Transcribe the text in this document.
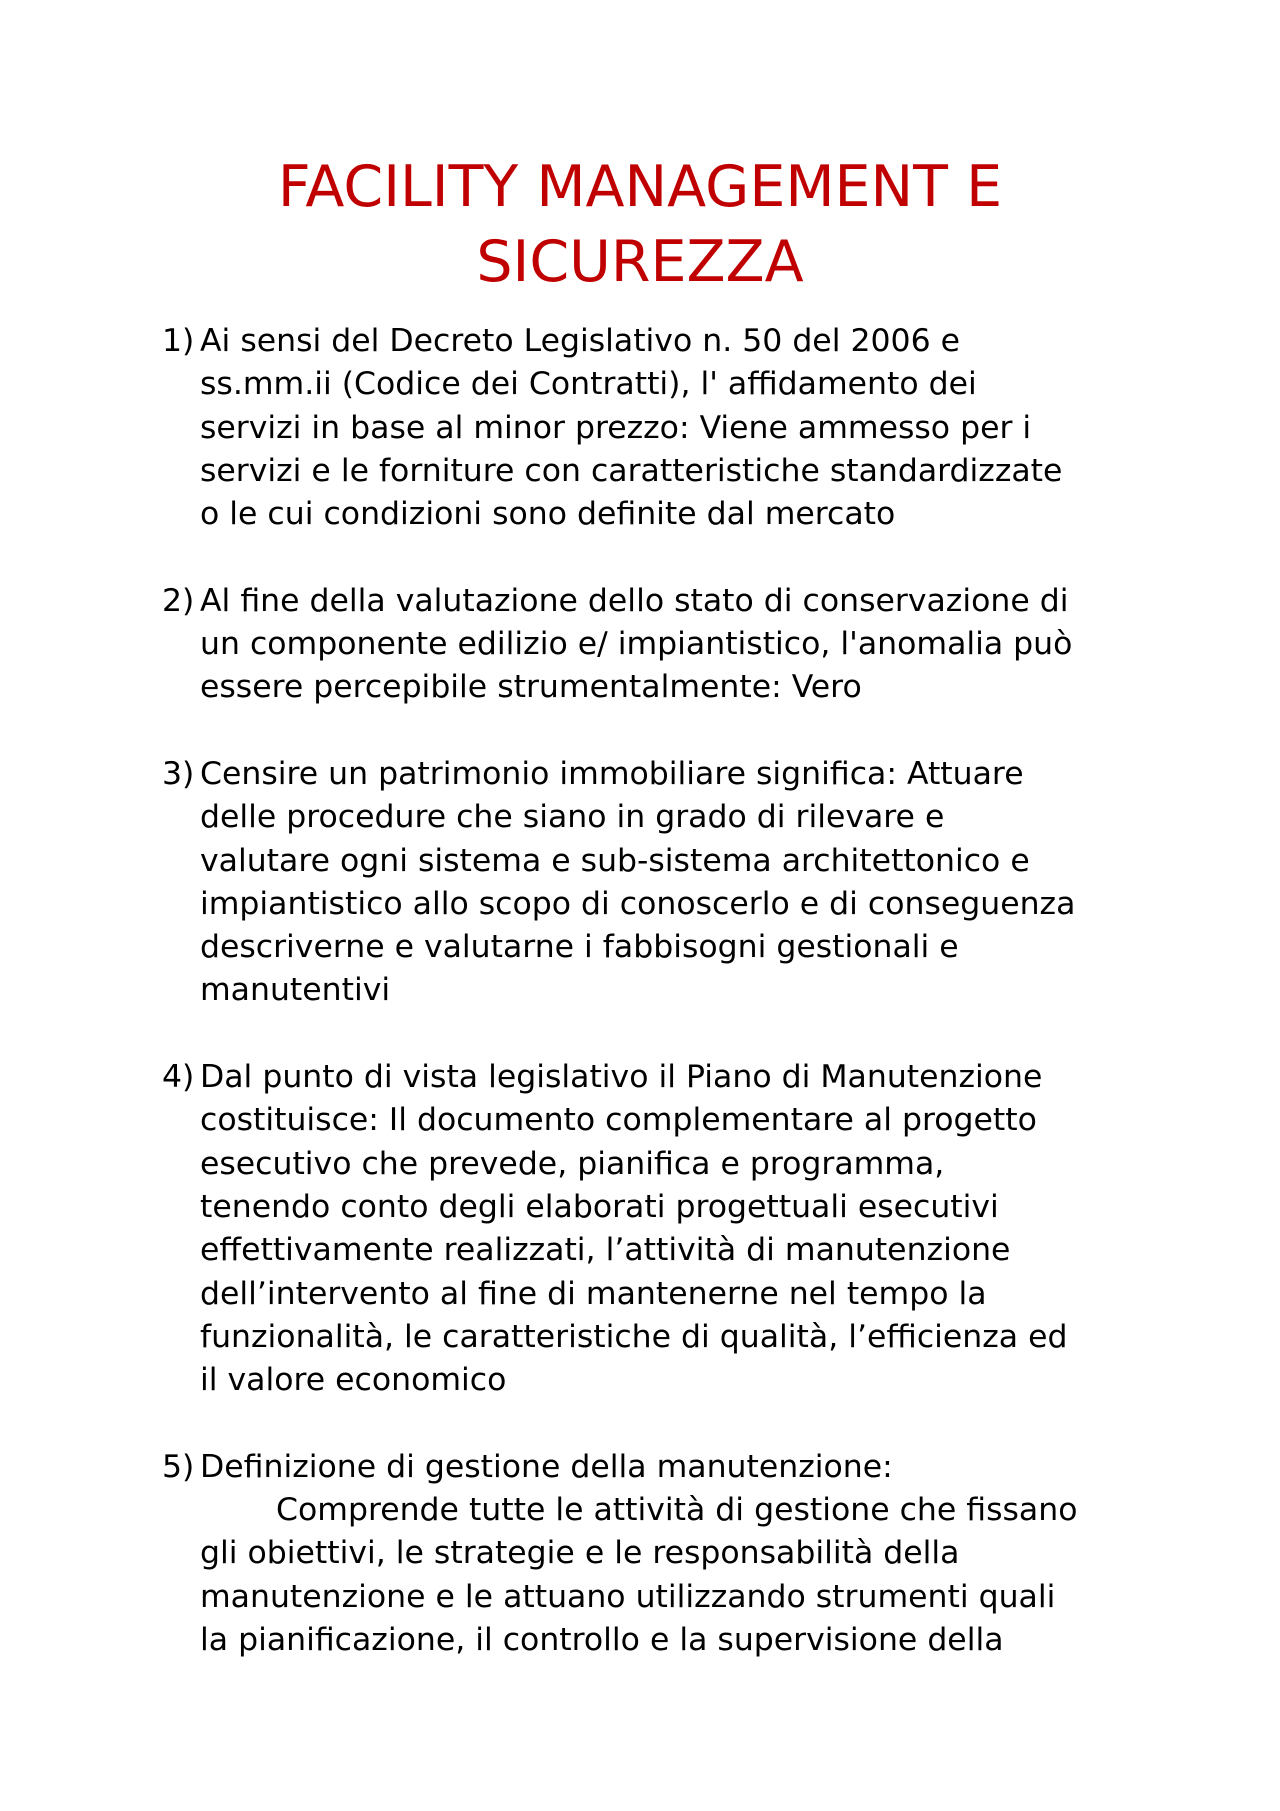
FACILITY MANAGEMENT E
SICUREZZA
1) Ai sensi del Decreto Legislativo n. 50 del 2006 e
ss.mm.ii (Codice dei Contratti), l' affidamento dei
servizi in base al minor prezzo: Viene ammesso per i
servizi e le forniture con caratteristiche standardizzate
o le cui condizioni sono definite dal mercato
2) Al fine della valutazione dello stato di conservazione di
un componente edilizio e/ impiantistico, l'anomalia può
essere percepibile strumentalmente: Vero
3) Censire un patrimonio immobiliare significa: Attuare
delle procedure che siano in grado di rilevare e
valutare ogni sistema e sub-sistema architettonico e
impiantistico allo scopo di conoscerlo e di conseguenza
descriverne e valutarne i fabbisogni gestionali e
manutentivi
4) Dal punto di vista legislativo il Piano di Manutenzione
costituisce: Il documento complementare al progetto
esecutivo che prevede, pianifica e programma,
tenendo conto degli elaborati progettuali esecutivi
effettivamente realizzati, l’attività di manutenzione
dell’intervento al fine di mantenerne nel tempo la
funzionalità, le caratteristiche di qualità, l’efficienza ed
il valore economico
5) Definizione di gestione della manutenzione:
Comprende tutte le attività di gestione che fissano
gli obiettivi, le strategie e le responsabilità della
manutenzione e le attuano utilizzando strumenti quali
la pianificazione, il controllo e la supervisione della
